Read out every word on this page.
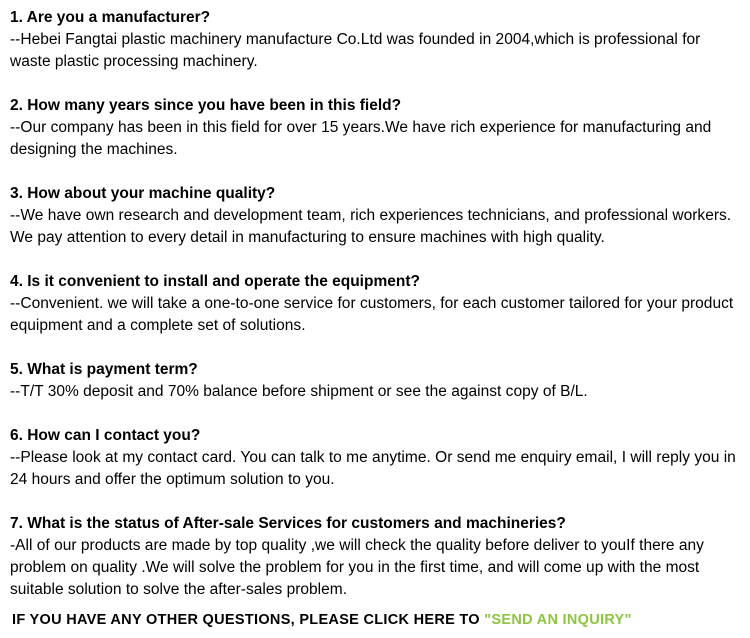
1. Are you a manufacturer?
--Hebei Fangtai plastic machinery manufacture Co.Ltd was founded in 2004,which is professional for waste plastic processing machinery.
2. How many years since you have been in this field?
--Our company has been in this field for over 15 years.We have rich experience for manufacturing and designing the machines.
3. How about your machine quality?
--We have own research and development team, rich experiences technicians, and professional workers. We pay attention to every detail in manufacturing to ensure machines with high quality.
4. Is it convenient to install and operate the equipment?
--Convenient. we will take a one-to-one service for customers, for each customer tailored for your product equipment and a complete set of solutions.
5. What is payment term?
--T/T 30% deposit and 70% balance before shipment or see the against copy of B/L.
6. How can I contact you?
--Please look at my contact card. You can talk to me anytime. Or send me enquiry email, I will reply you in 24 hours and offer the optimum solution to you.
7. What is the status of After-sale Services for customers and machineries?
-All of our products are made by top quality ,we will check the quality before deliver to youIf there any problem on quality .We will solve the problem for you in the first time, and will come up with the most suitable solution to solve the after-sales problem.
IF YOU HAVE ANY OTHER QUESTIONS, PLEASE CLICK HERE TO "SEND AN INQUIRY"
